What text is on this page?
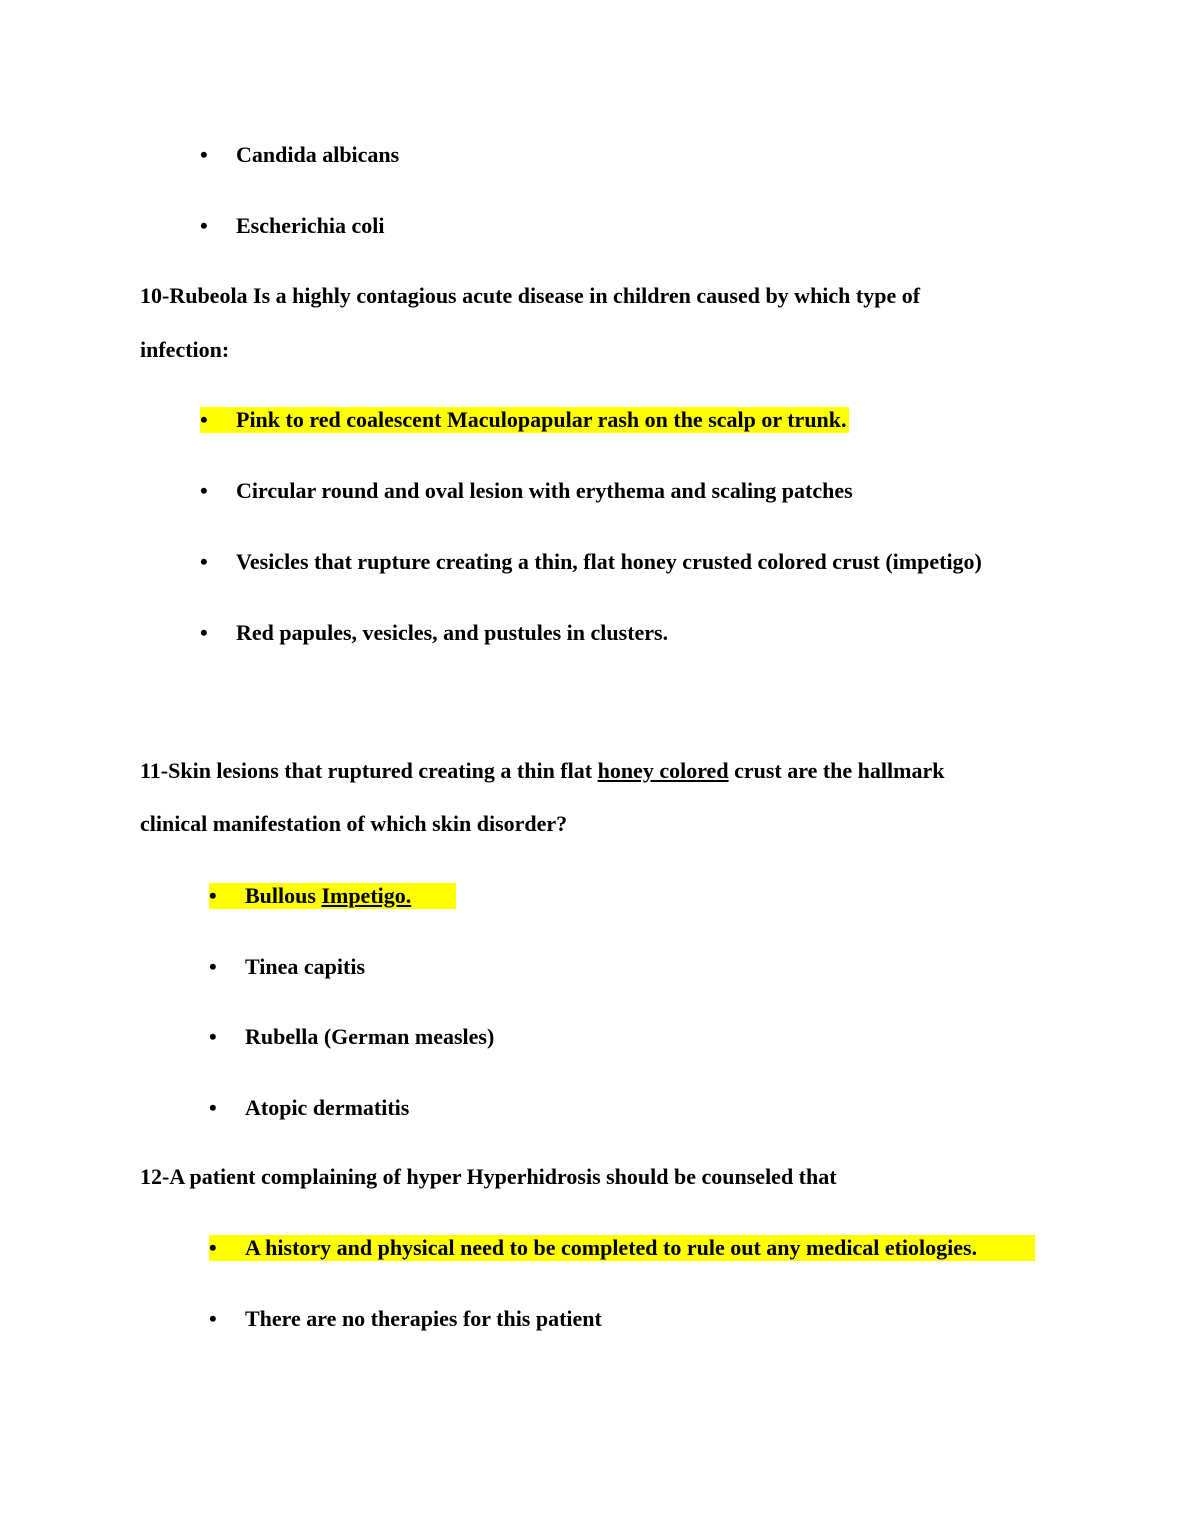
• Candida albicans
• Escherichia coli
10-Rubeola Is a highly contagious acute disease in children caused by which type of
infection:
• Pink to red coalescent Maculopapular rash on the scalp or trunk.
• Circular round and oval lesion with erythema and scaling patches
• Vesicles that rupture creating a thin, flat honey crusted colored crust (impetigo)
• Red papules, vesicles, and pustules in clusters.
11-Skin lesions that ruptured creating a thin flat honey colored crust are the hallmark
clinical manifestation of which skin disorder?
• Bullous Impetigo.
• Tinea capitis
• Rubella (German measles)
• Atopic dermatitis
12-A patient complaining of hyper Hyperhidrosis should be counseled that
• A history and physical need to be completed to rule out any medical etiologies.
• There are no therapies for this patient
